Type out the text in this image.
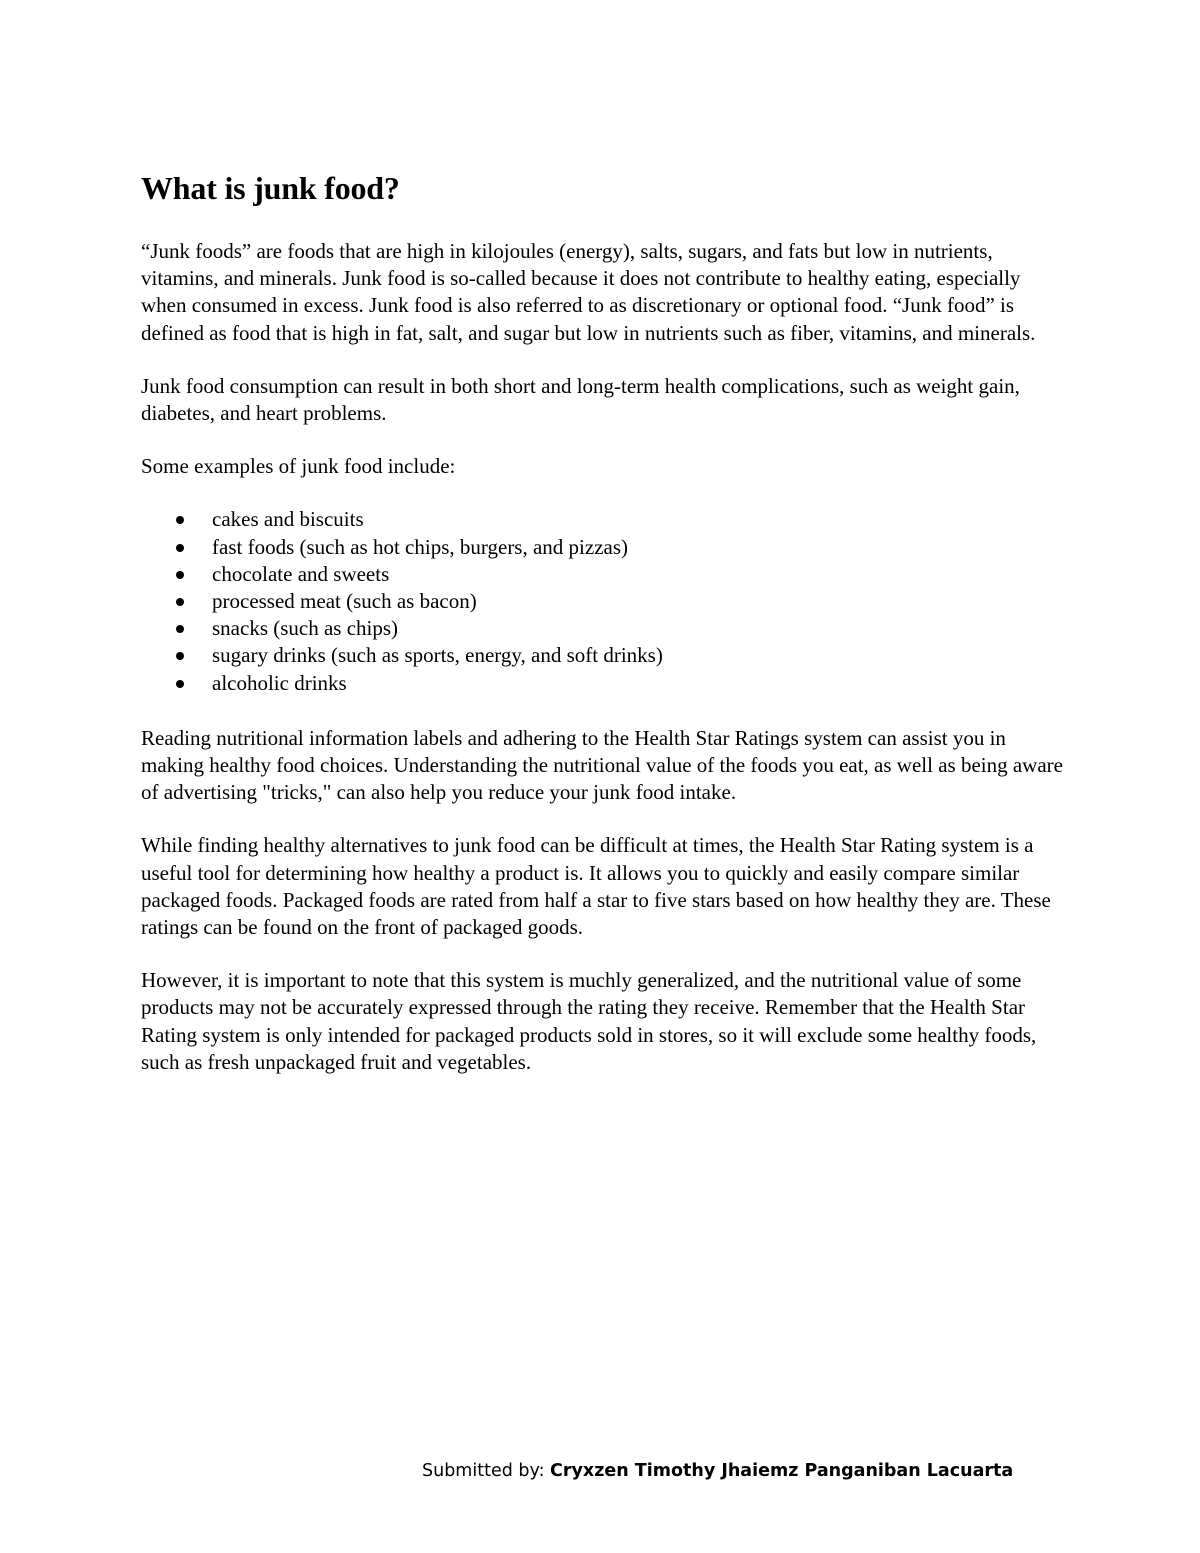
What is junk food?

“Junk foods” are foods that are high in kilojoules (energy), salts, sugars, and fats but low in nutrients, vitamins, and minerals. Junk food is so-called because it does not contribute to healthy eating, especially when consumed in excess. Junk food is also referred to as discretionary or optional food. “Junk food” is defined as food that is high in fat, salt, and sugar but low in nutrients such as fiber, vitamins, and minerals.

Junk food consumption can result in both short and long-term health complications, such as weight gain, diabetes, and heart problems.

Some examples of junk food include:

cakes and biscuits
fast foods (such as hot chips, burgers, and pizzas)
chocolate and sweets
processed meat (such as bacon)
snacks (such as chips)
sugary drinks (such as sports, energy, and soft drinks)
alcoholic drinks

Reading nutritional information labels and adhering to the Health Star Ratings system can assist you in making healthy food choices. Understanding the nutritional value of the foods you eat, as well as being aware of advertising "tricks," can also help you reduce your junk food intake.

While finding healthy alternatives to junk food can be difficult at times, the Health Star Rating system is a useful tool for determining how healthy a product is. It allows you to quickly and easily compare similar packaged foods. Packaged foods are rated from half a star to five stars based on how healthy they are. These ratings can be found on the front of packaged goods.

However, it is important to note that this system is muchly generalized, and the nutritional value of some products may not be accurately expressed through the rating they receive. Remember that the Health Star Rating system is only intended for packaged products sold in stores, so it will exclude some healthy foods, such as fresh unpackaged fruit and vegetables.

Submitted by: Cryxzen Timothy Jhaiemz Panganiban Lacuarta
